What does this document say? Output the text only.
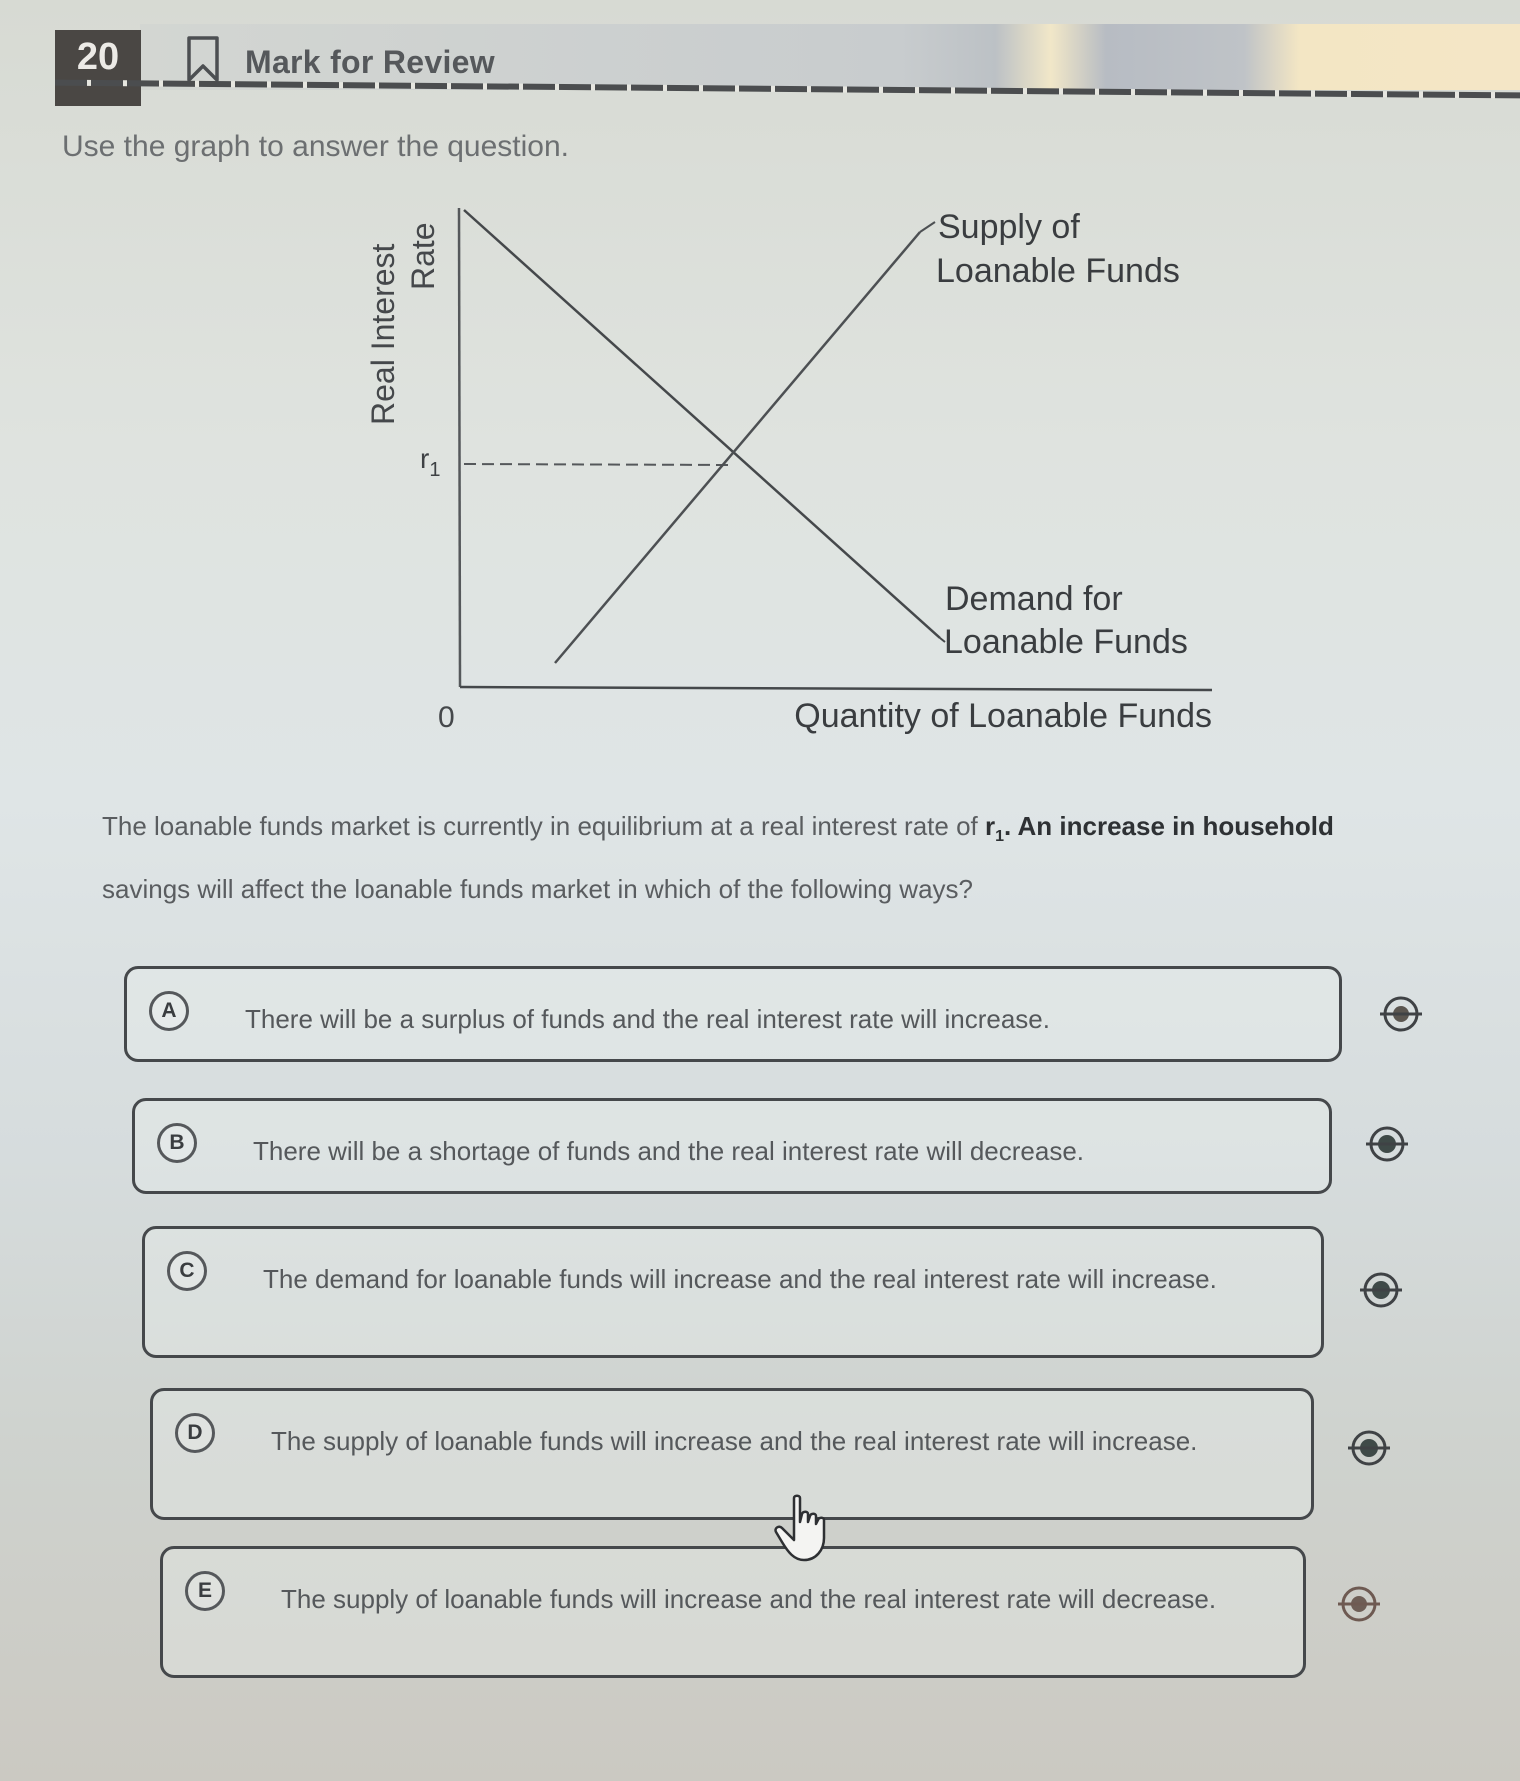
20	Mark for Review
Use the graph to answer the question.
Real Interest Rate
$r_1$
Supply of
Loanable Funds
Demand for
Loanable Funds
0	Quantity of Loanable Funds
The loanable funds market is currently in equilibrium at a real interest rate of $r_1$. An increase in household
savings will affect the loanable funds market in which of the following ways?
A	There will be a surplus of funds and the real interest rate will increase.
B	There will be a shortage of funds and the real interest rate will decrease.
C	The demand for loanable funds will increase and the real interest rate will increase.
D	The supply of loanable funds will increase and the real interest rate will increase.
E	The supply of loanable funds will increase and the real interest rate will decrease.
